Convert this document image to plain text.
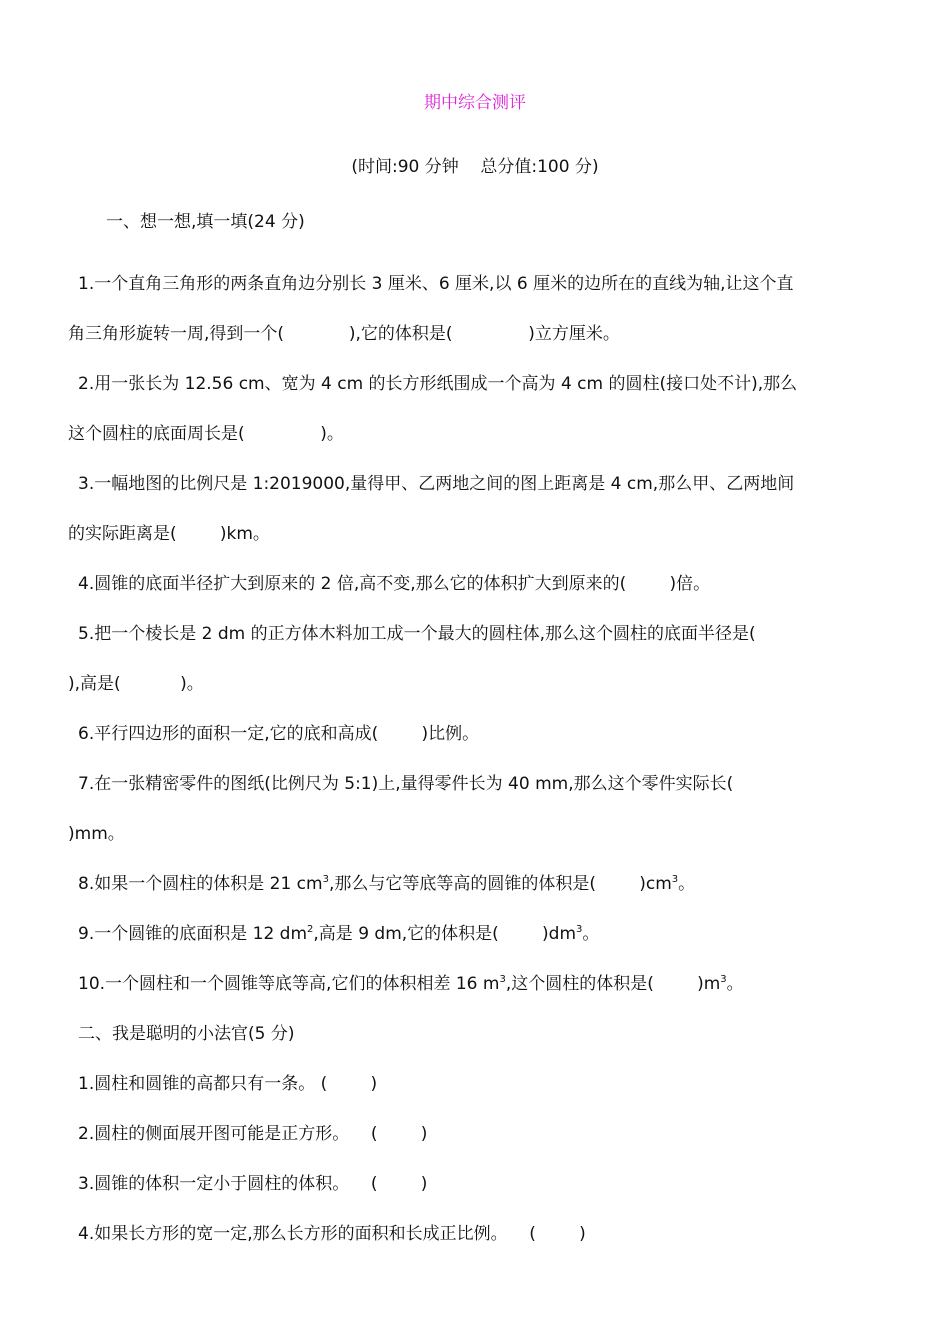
期中综合测评
(时间:90 分钟    总分值:100 分)
一、想一想,填一填(24 分)
1.一个直角三角形的两条直角边分别长 3 厘米、6 厘米,以 6 厘米的边所在的直线为轴,让这个直
角三角形旋转一周,得到一个(            ),它的体积是(              )立方厘米。
2.用一张长为 12.56 cm、宽为 4 cm 的长方形纸围成一个高为 4 cm 的圆柱(接口处不计),那么
这个圆柱的底面周长是(              )。
3.一幅地图的比例尺是 1:2019000,量得甲、乙两地之间的图上距离是 4 cm,那么甲、乙两地间
的实际距离是(        )km。
4.圆锥的底面半径扩大到原来的 2 倍,高不变,那么它的体积扩大到原来的(        )倍。
5.把一个棱长是 2 dm 的正方体木料加工成一个最大的圆柱体,那么这个圆柱的底面半径是(
),高是(           )。
6.平行四边形的面积一定,它的底和高成(        )比例。
7.在一张精密零件的图纸(比例尺为 5:1)上,量得零件长为 40 mm,那么这个零件实际长(
)mm。
8.如果一个圆柱的体积是 21 $cm^3$,那么与它等底等高的圆锥的体积是(        )$cm^3$。
9.一个圆锥的底面积是 12 $dm^2$,高是 9 dm,它的体积是(        )$dm^3$。
10.一个圆柱和一个圆锥等底等高,它们的体积相差 16 $m^3$,这个圆柱的体积是(        )$m^3$。
二、我是聪明的小法官(5 分)
1.圆柱和圆锥的高都只有一条。 (        )
2.圆柱的侧面展开图可能是正方形。    (        )
3.圆锥的体积一定小于圆柱的体积。    (        )
4.如果长方形的宽一定,那么长方形的面积和长成正比例。    (        )
